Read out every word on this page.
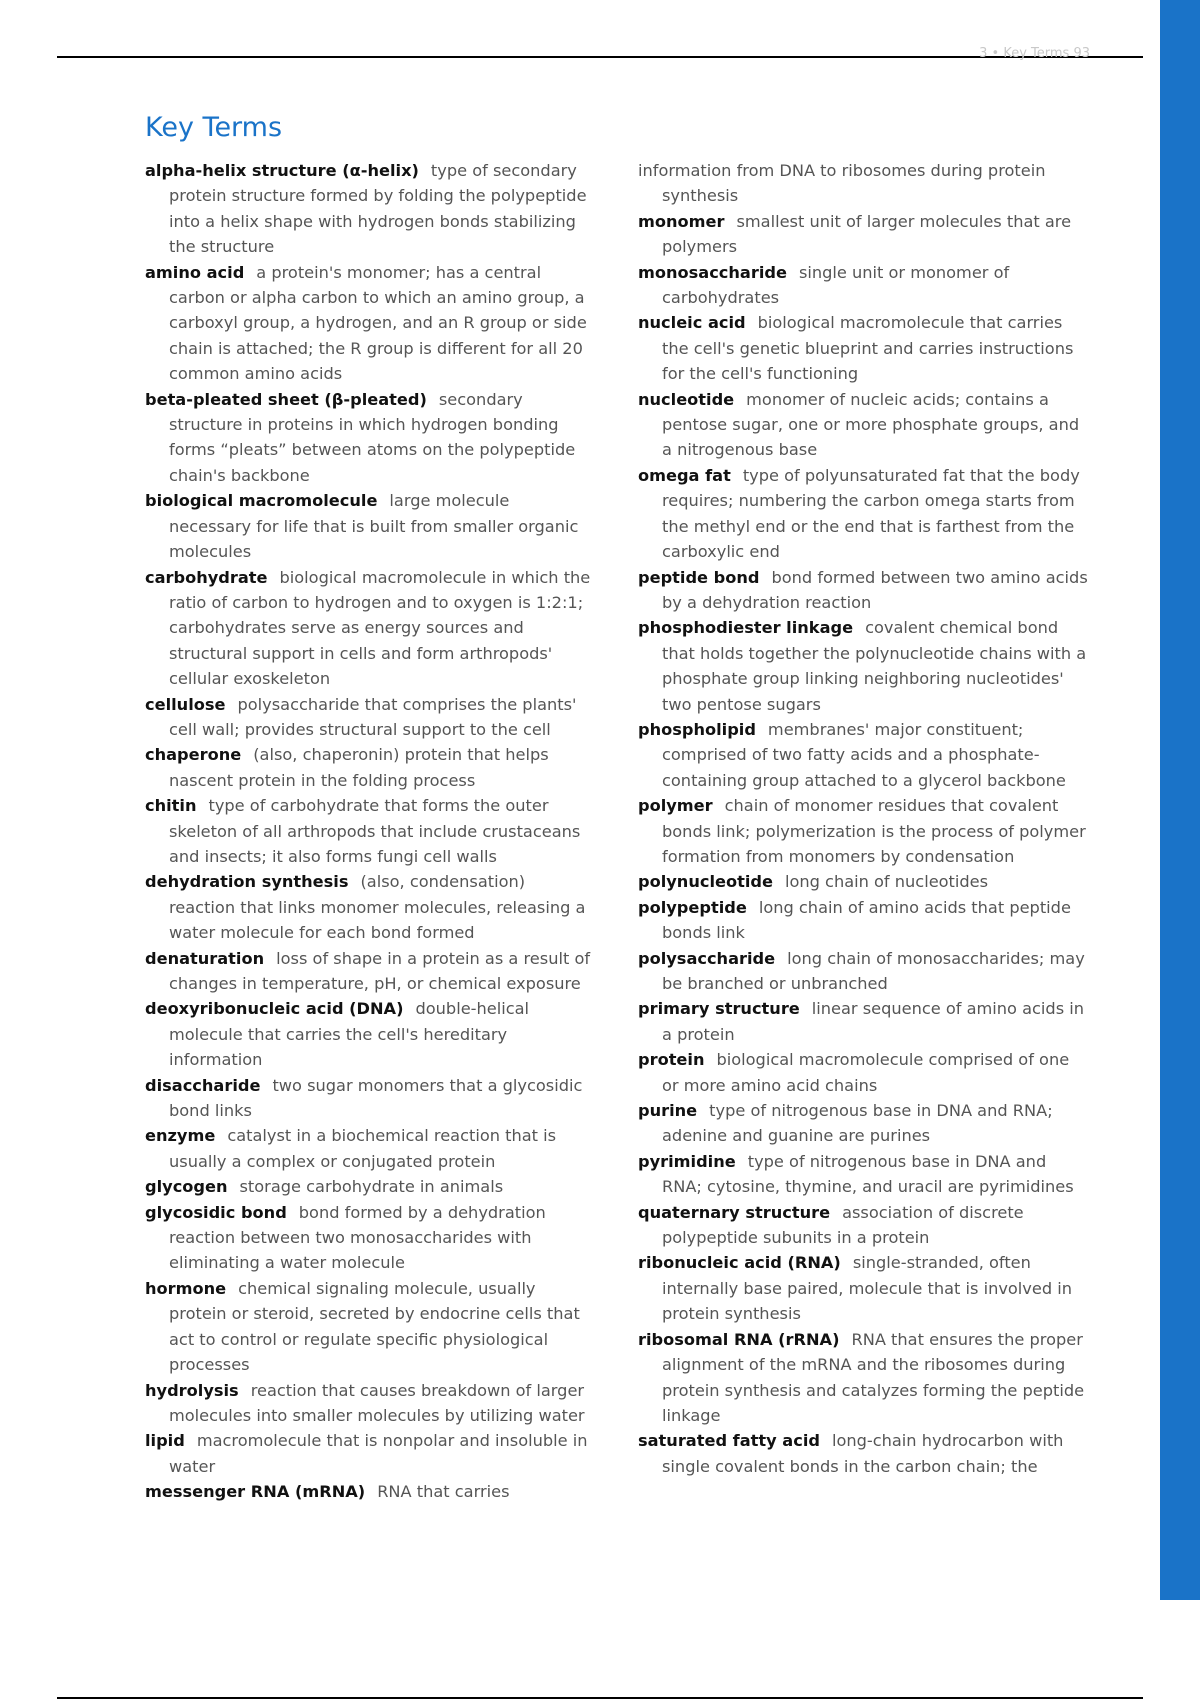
3 • Key Terms 93
Key Terms
alpha-helix structure (α-helix) type of secondary protein structure formed by folding the polypeptide into a helix shape with hydrogen bonds stabilizing the structure
amino acid a protein's monomer; has a central carbon or alpha carbon to which an amino group, a carboxyl group, a hydrogen, and an R group or side chain is attached; the R group is different for all 20 common amino acids
beta-pleated sheet (β-pleated) secondary structure in proteins in which hydrogen bonding forms “pleats” between atoms on the polypeptide chain's backbone
biological macromolecule large molecule necessary for life that is built from smaller organic molecules
carbohydrate biological macromolecule in which the ratio of carbon to hydrogen and to oxygen is 1:2:1; carbohydrates serve as energy sources and structural support in cells and form arthropods' cellular exoskeleton
cellulose polysaccharide that comprises the plants' cell wall; provides structural support to the cell
chaperone (also, chaperonin) protein that helps nascent protein in the folding process
chitin type of carbohydrate that forms the outer skeleton of all arthropods that include crustaceans and insects; it also forms fungi cell walls
dehydration synthesis (also, condensation) reaction that links monomer molecules, releasing a water molecule for each bond formed
denaturation loss of shape in a protein as a result of changes in temperature, pH, or chemical exposure
deoxyribonucleic acid (DNA) double-helical molecule that carries the cell's hereditary information
disaccharide two sugar monomers that a glycosidic bond links
enzyme catalyst in a biochemical reaction that is usually a complex or conjugated protein
glycogen storage carbohydrate in animals
glycosidic bond bond formed by a dehydration reaction between two monosaccharides with eliminating a water molecule
hormone chemical signaling molecule, usually protein or steroid, secreted by endocrine cells that act to control or regulate specific physiological processes
hydrolysis reaction that causes breakdown of larger molecules into smaller molecules by utilizing water
lipid macromolecule that is nonpolar and insoluble in water
messenger RNA (mRNA) RNA that carries
information from DNA to ribosomes during protein synthesis
monomer smallest unit of larger molecules that are polymers
monosaccharide single unit or monomer of carbohydrates
nucleic acid biological macromolecule that carries the cell's genetic blueprint and carries instructions for the cell's functioning
nucleotide monomer of nucleic acids; contains a pentose sugar, one or more phosphate groups, and a nitrogenous base
omega fat type of polyunsaturated fat that the body requires; numbering the carbon omega starts from the methyl end or the end that is farthest from the carboxylic end
peptide bond bond formed between two amino acids by a dehydration reaction
phosphodiester linkage covalent chemical bond that holds together the polynucleotide chains with a phosphate group linking neighboring nucleotides' two pentose sugars
phospholipid membranes' major constituent; comprised of two fatty acids and a phosphate-containing group attached to a glycerol backbone
polymer chain of monomer residues that covalent bonds link; polymerization is the process of polymer formation from monomers by condensation
polynucleotide long chain of nucleotides
polypeptide long chain of amino acids that peptide bonds link
polysaccharide long chain of monosaccharides; may be branched or unbranched
primary structure linear sequence of amino acids in a protein
protein biological macromolecule comprised of one or more amino acid chains
purine type of nitrogenous base in DNA and RNA; adenine and guanine are purines
pyrimidine type of nitrogenous base in DNA and RNA; cytosine, thymine, and uracil are pyrimidines
quaternary structure association of discrete polypeptide subunits in a protein
ribonucleic acid (RNA) single-stranded, often internally base paired, molecule that is involved in protein synthesis
ribosomal RNA (rRNA) RNA that ensures the proper alignment of the mRNA and the ribosomes during protein synthesis and catalyzes forming the peptide linkage
saturated fatty acid long-chain hydrocarbon with single covalent bonds in the carbon chain; the
